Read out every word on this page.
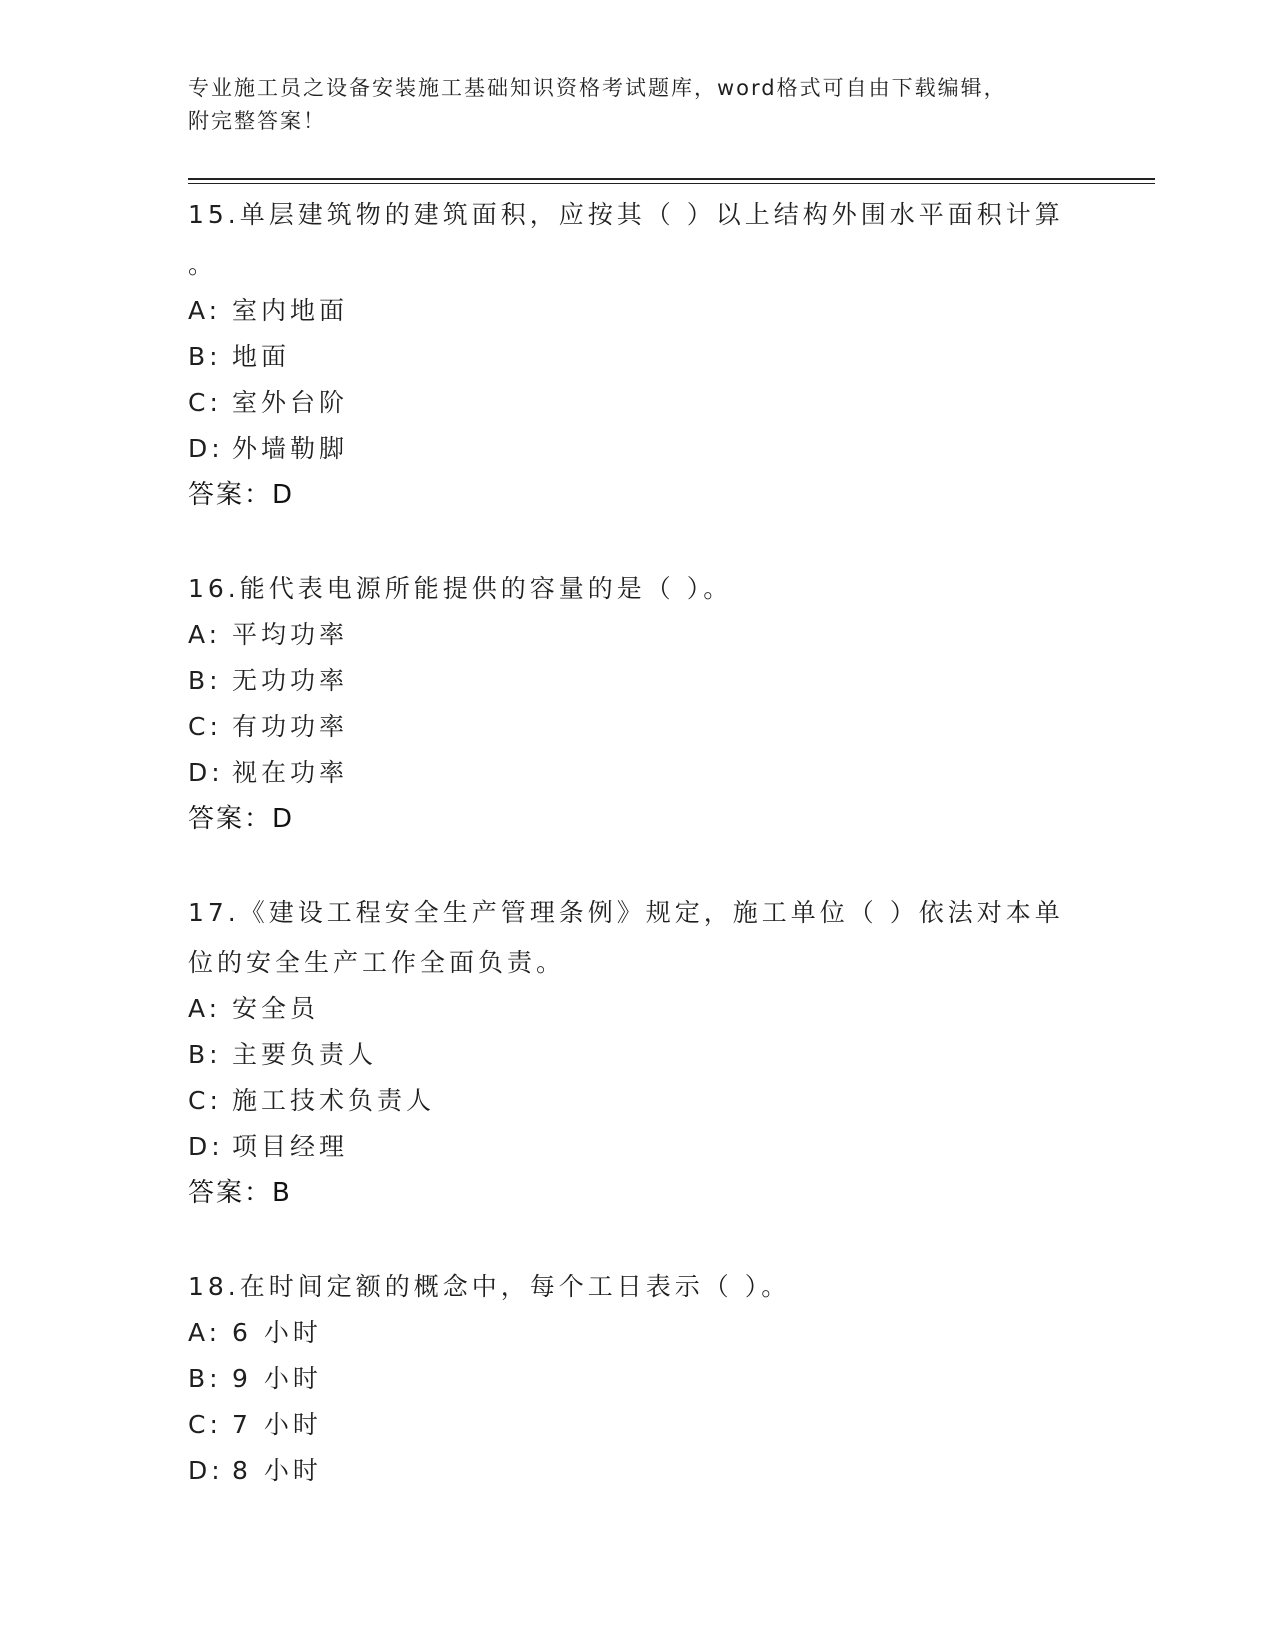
专业施工员之设备安装施工基础知识资格考试题库，word格式可自由下载编辑，
附完整答案！

15.单层建筑物的建筑面积，应按其（ ）以上结构外围水平面积计算

。

A: 室内地面
B: 地面
C: 室外台阶
D: 外墙勒脚

答案：D

16.能代表电源所能提供的容量的是（ ）。

A: 平均功率
B: 无功功率
C: 有功功率
D: 视在功率

答案：D

17.《建设工程安全生产管理条例》规定，施工单位（ ）依法对本单

位的安全生产工作全面负责。

A: 安全员
B: 主要负责人
C: 施工技术负责人
D: 项目经理

答案：B

18.在时间定额的概念中，每个工日表示（ ）。

A: 6 小时
B: 9 小时
C: 7 小时
D: 8 小时
